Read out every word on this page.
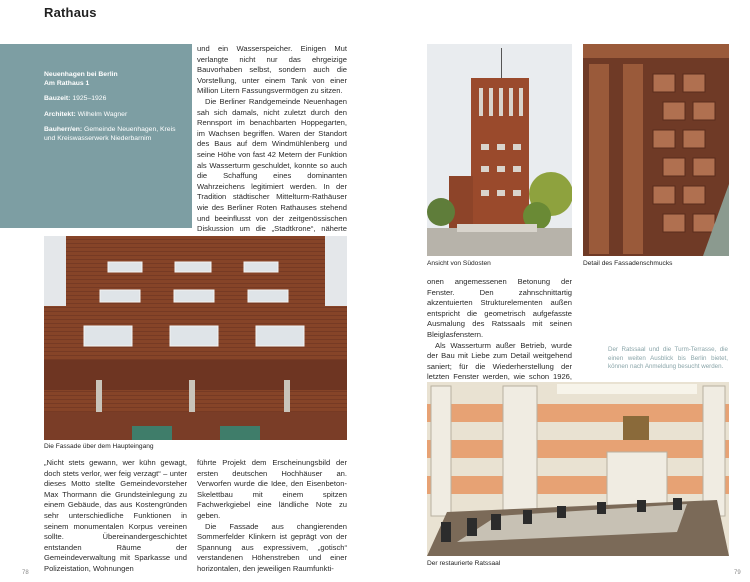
Rathaus
Neuenhagen bei Berlin
Am Rathaus 1
Bauzeit: 1925–1926
Architekt: Wilhelm Wagner
Bauherr/en: Gemeinde Neuenhagen, Kreis und Kreiswasserwerk Niederbarnim

und ein Wasserspeicher. Einigen Mut verlangte nicht nur das ehrgeizige Bauvorhaben selbst, sondern auch die Vorstellung, unter einem Tank von einer Million Litern Fassungsvermögen zu sitzen.

Die Berliner Randgemeinde Neuenhagen sah sich damals, nicht zuletzt durch den Rennsport im benachbarten Hoppegarten, im Wachsen begriffen. Waren der Standort des Baus auf dem Windmühlenberg und seine Höhe von fast 42 Metern der Funktion als Wasserturm geschuldet, konnte so auch die Schaffung eines dominanten Wahrzeichens legitimiert werden. In der Tradition städtischer Mittelturm-Rathäuser wie des Berliner Roten Rathauses stehend und beeinflusst von der zeitgenössischen Diskussion um die „Stadtkrone“, näherte

Die Fassade über dem Haupteingang

„Nicht stets gewann, wer kühn gewagt, doch stets verlor, wer feig verzagt“ – unter dieses Motto stellte Gemeindevorsteher Max Thormann die Grundsteinlegung zu einem Gebäude, das aus Kostengründen sehr unterschiedliche Funktionen in seinem monumentalen Korpus vereinen sollte. Übereinandergeschichtet entstanden Räume der Gemeindeverwaltung mit Sparkasse und Polizeistation, Wohnungen

führte Projekt dem Erscheinungsbild der ersten deutschen Hochhäuser an. Verworfen wurde die Idee, den Eisenbeton-Skelettbau mit einem spitzen Fachwerkgiebel eine ländliche Note zu geben.

Die Fassade aus changierenden Sommerfelder Klinkern ist geprägt von der Spannung aus expressivem, „gotisch“ verstandenen Höhenstreben und einer horizontalen, den jeweiligen Raumfunkti-

78
Ansicht von Südosten	Detail des Fassadenschmucks

onen angemessenen Betonung der Fenster. Den zahnschnittartig akzentuierten Strukturelementen außen entspricht die geometrisch aufgefasste Ausmalung des Ratssaals mit seinen Bleiglasfenstern.

Als Wasserturm außer Betrieb, wurde der Bau mit Liebe zum Detail weitgehend saniert; für die Wiederherstellung der letzten Fenster werden, wie schon 1926,

Der Ratssaal und die Turm-Terrasse, die einen weiten Ausblick bis Berlin bietet, können nach Anmeldung besucht werden.
Der restaurierte Ratssaal
79
